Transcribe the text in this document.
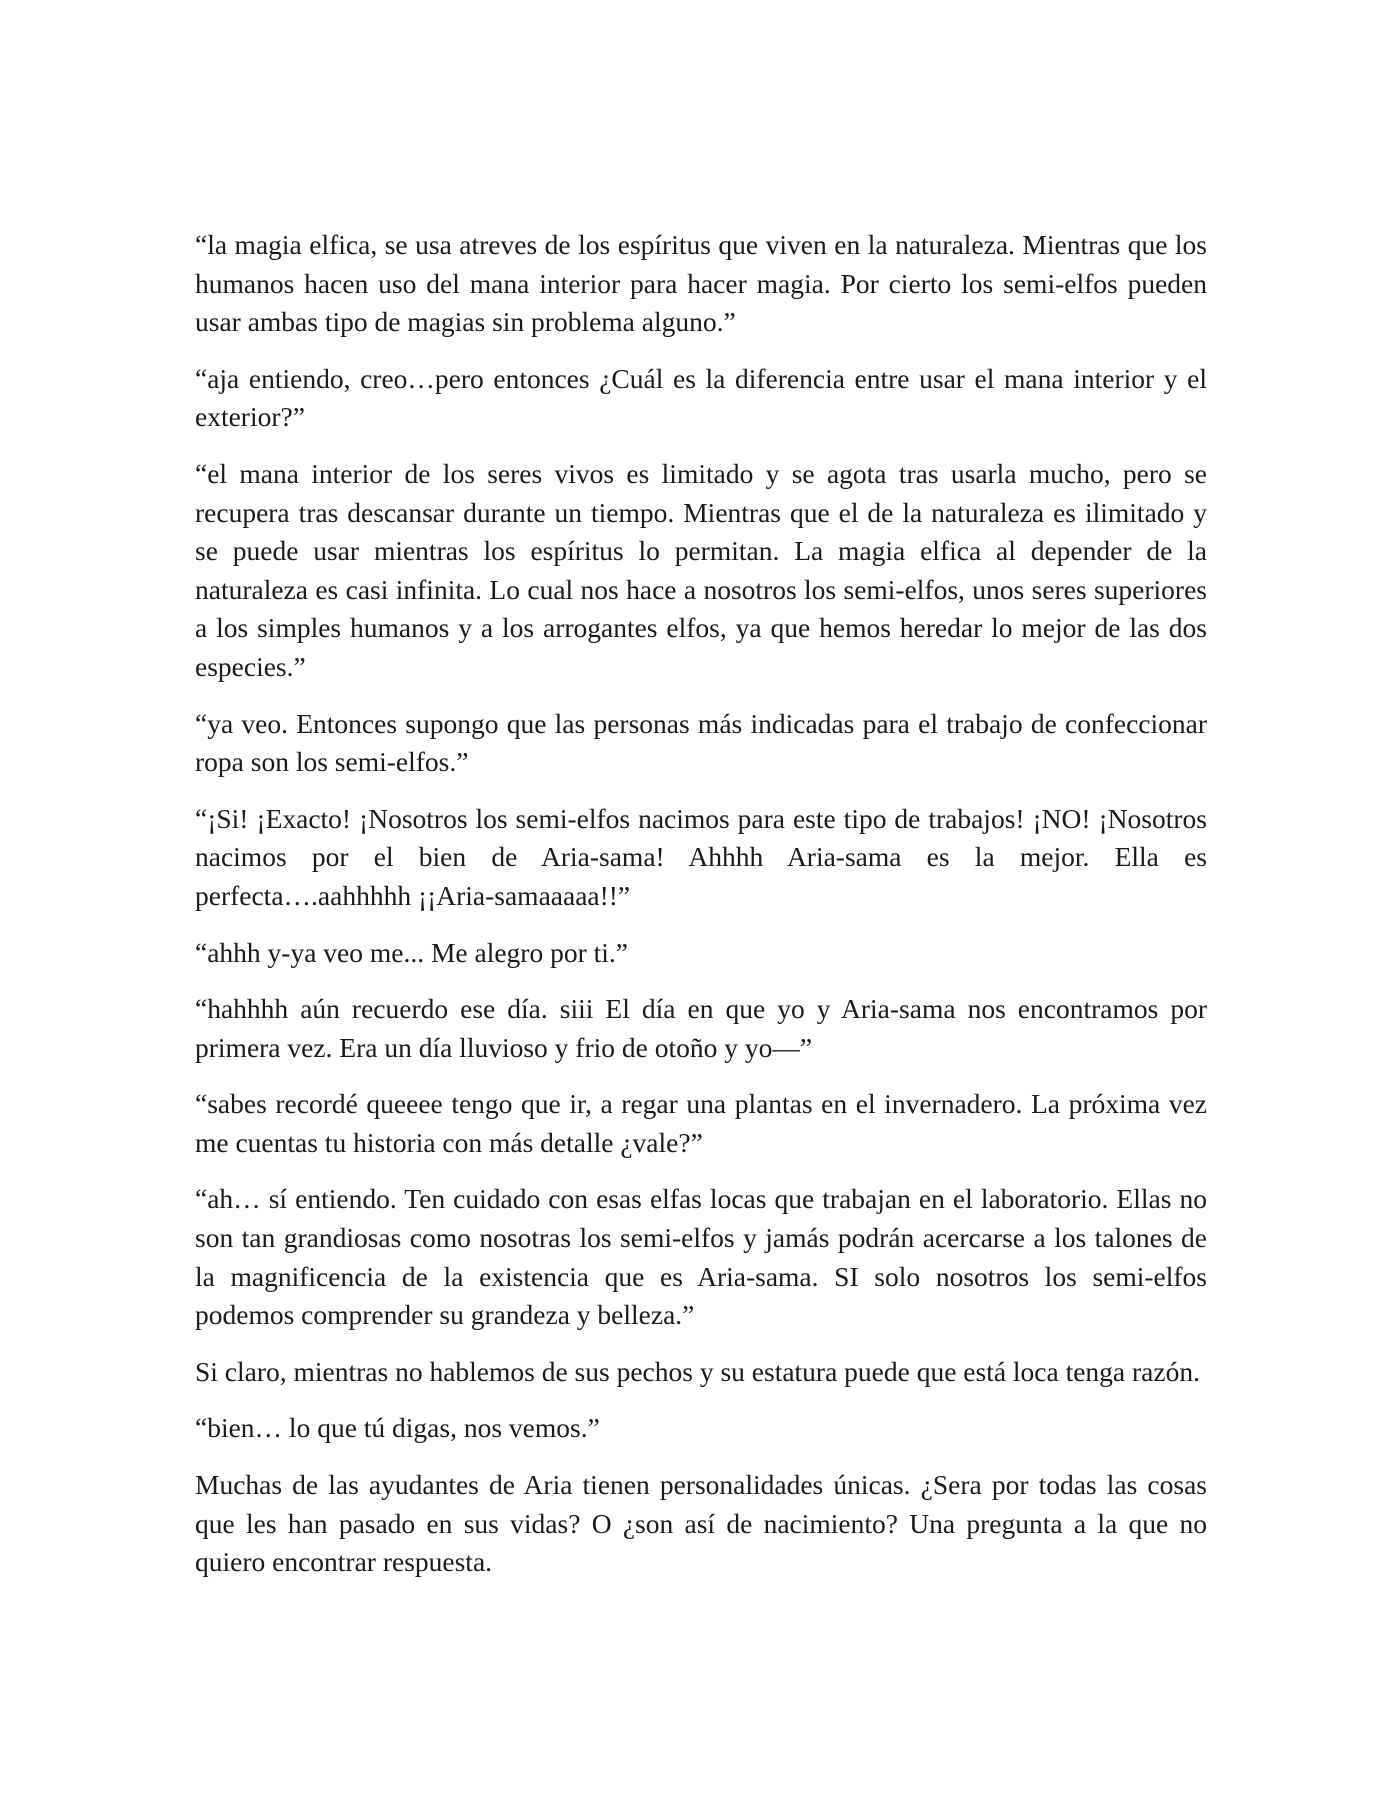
“la magia elfica, se usa atreves de los espíritus que viven en la naturaleza. Mientras que los humanos hacen uso del mana interior para hacer magia. Por cierto los semi-elfos pueden usar ambas tipo de magias sin problema alguno.”

“aja entiendo, creo…pero entonces ¿Cuál es la diferencia entre usar el mana interior y el exterior?”

“el mana interior de los seres vivos es limitado y se agota tras usarla mucho, pero se recupera tras descansar durante un tiempo. Mientras que el de la naturaleza es ilimitado y se puede usar mientras los espíritus lo permitan. La magia elfica al depender de la naturaleza es casi infinita. Lo cual nos hace a nosotros los semi-elfos, unos seres superiores a los simples humanos y a los arrogantes elfos, ya que hemos heredar lo mejor de las dos especies.”

“ya veo. Entonces supongo que las personas más indicadas para el trabajo de confeccionar ropa son los semi-elfos.”

“¡Si! ¡Exacto! ¡Nosotros los semi-elfos nacimos para este tipo de trabajos! ¡NO! ¡Nosotros nacimos por el bien de Aria-sama! Ahhhh Aria-sama es la mejor. Ella es perfecta….aahhhhh ¡¡Aria-samaaaaa!!”

“ahhh y-ya veo me... Me alegro por ti.”

“hahhhh aún recuerdo ese día. siii El día en que yo y Aria-sama nos encontramos por primera vez. Era un día lluvioso y frio de otoño y yo—”

“sabes recordé queeee tengo que ir, a regar una plantas en el invernadero. La próxima vez me cuentas tu historia con más detalle ¿vale?”

“ah… sí entiendo. Ten cuidado con esas elfas locas que trabajan en el laboratorio. Ellas no son tan grandiosas como nosotras los semi-elfos y jamás podrán acercarse a los talones de la magnificencia de la existencia que es Aria-sama. SI solo nosotros los semi-elfos podemos comprender su grandeza y belleza.”

Si claro, mientras no hablemos de sus pechos y su estatura puede que está loca tenga razón.

“bien… lo que tú digas, nos vemos.”

Muchas de las ayudantes de Aria tienen personalidades únicas. ¿Sera por todas las cosas que les han pasado en sus vidas? O ¿son así de nacimiento? Una pregunta a la que no quiero encontrar respuesta.
